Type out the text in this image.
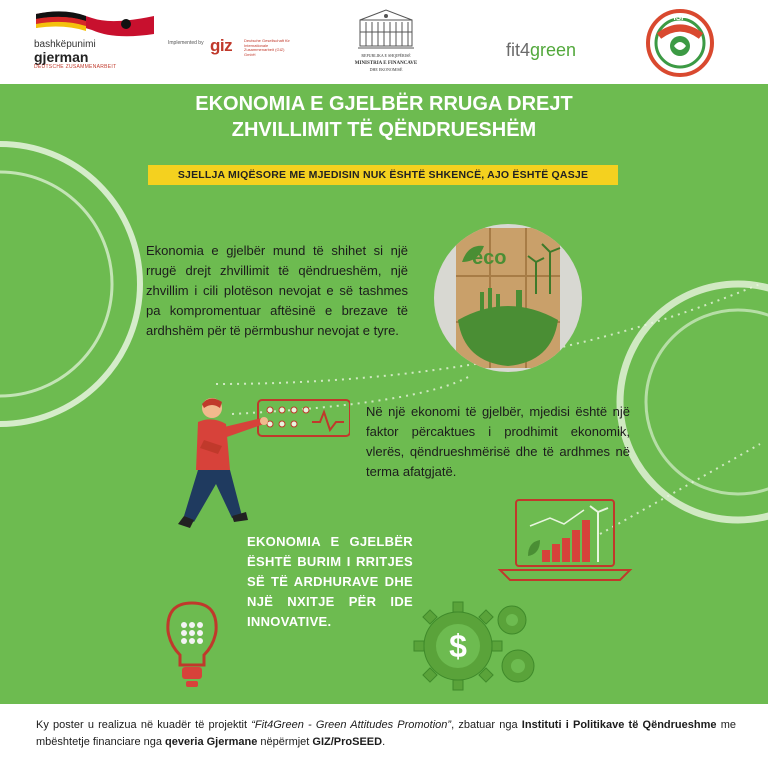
bashkëpunimi
gjerman
DEUTSCHE ZUSAMMENARBEIT
Implemented by giz	Deutsche Gesellschaft für Internationale Zusammenarbeit (GIZ) GmbH	REPUBLIKA E SHQIPËRISË
MINISTRIA E FINANCAVE
DHE EKONOMISË
fit4green
ISP
EKONOMIA E GJELBËR RRUGA DREJT
ZHVILLIMIT TË QËNDRUESHËM
SJELLJA MIQËSORE ME MJEDISIN NUK ËSHTË SHKENCË, AJO ËSHTË QASJE

Ekonomia e gjelbër mund të shihet si një rrugë drejt zhvillimit të qëndrueshëm, një zhvillim i cili plotëson nevojat e së tashmes pa kompromentuar aftësinë e brezave të ardhshëm për të përmbushur nevojat e tyre.

eco

Në një ekonomi të gjelbër, mjedisi është një faktor përcaktues i prodhimit ekonomik, vlerës, qëndrueshmërisë dhe të ardhmes në terma afatgjatë.

EKONOMIA E GJELBËR ËSHTË BURIM I RRITJES SË TË ARDHURAVE DHE NJË NXITJE PËR IDE INNOVATIVE.

$

Ky poster u realizua në kuadër të projektit “Fit4Green - Green Attitudes Promotion”, zbatuar nga Instituti i Politikave të Qëndrueshme me mbështetje financiare nga qeveria Gjermane nëpërmjet GIZ/ProSEED.
